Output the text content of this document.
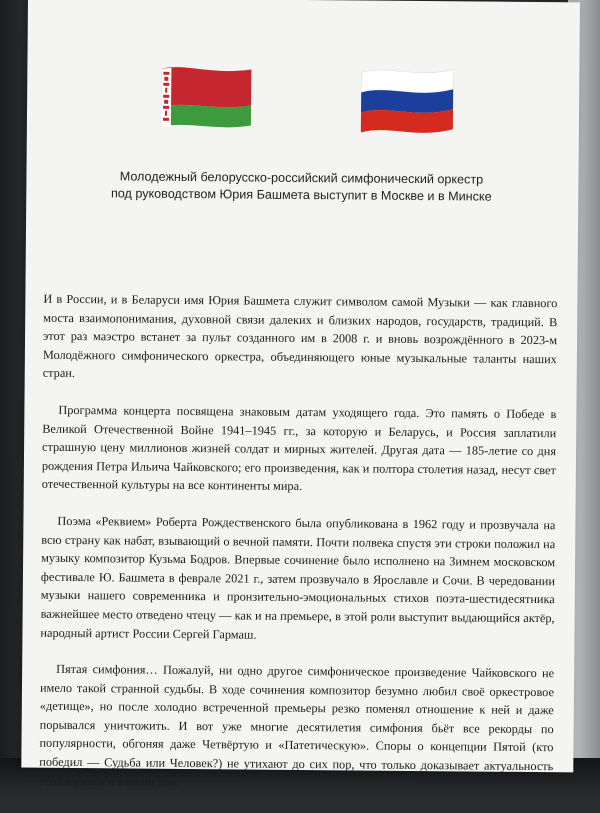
Молодежный белорусско-российский симфонический оркестр
под руководством Юрия Башмета выступит в Москве и в Минске

И в России, и в Беларуси имя Юрия Башмета служит символом самой Музыки — как главного моста взаимопонимания, духовной связи далеких и близких народов, государств, традиций. В этот раз маэстро встанет за пульт созданного им в 2008 г. и вновь возрождённого в 2023-м Молодёжного симфонического оркестра, объединяющего юные музыкальные таланты наших стран.

Программа концерта посвящена знаковым датам уходящего года. Это память о Победе в Великой Отечественной Войне 1941–1945 гг., за которую и Беларусь, и Россия заплатили страшную цену миллионов жизней солдат и мирных жителей. Другая дата — 185-летие со дня рождения Петра Ильича Чайковского; его произведения, как и полтора столетия назад, несут свет отечественной культуры на все континенты мира.

Поэма «Реквием» Роберта Рождественского была опубликована в 1962 году и прозвучала на всю страну как набат, взывающий о вечной памяти. Почти полвека спустя эти строки положил на музыку композитор Кузьма Бодров. Впервые сочинение было исполнено на Зимнем московском фестивале Ю. Башмета в феврале 2021 г., затем прозвучало в Ярославле и Сочи. В чередовании музыки нашего современника и пронзительно-эмоциональных стихов поэта-шестидесятника важнейшее место отведено чтецу — как и на премьере, в этой роли выступит выдающийся актёр, народный артист России Сергей Гармаш.

Пятая симфония… Пожалуй, ни одно другое симфоническое произведение Чайковского не имело такой странной судьбы. В ходе сочинения композитор безумно любил своё оркестровое «детище», но после холодно встреченной премьеры резко поменял отношение к ней и даже порывался уничтожить. И вот уже многие десятилетия симфония бьёт все рекорды по популярности, обгоняя даже Четвёртую и «Патетическую». Споры о концепции Пятой (кто победил — Судьба или Человек?) не утихают до сих пор, что только доказывает актуальность этой музыки и в наши дни.
